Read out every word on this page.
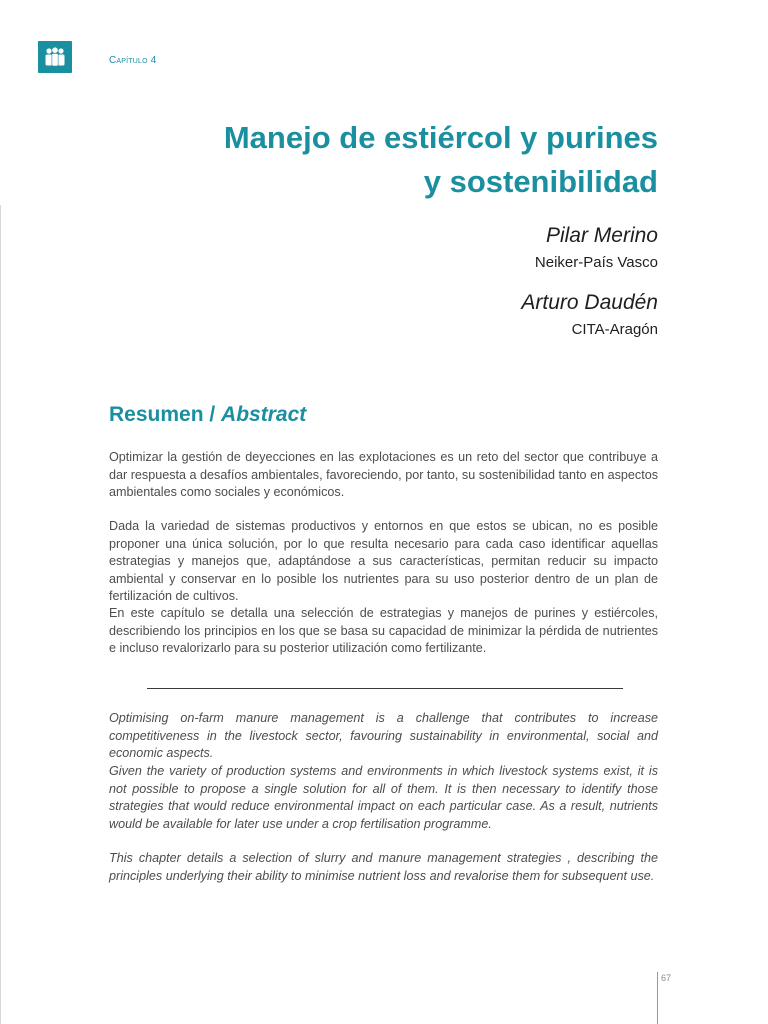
Capítulo 4
Manejo de estiércol y purines
y sostenibilidad
Pilar Merino
Neiker-País Vasco
Arturo Daudén
CITA-Aragón
Resumen / Abstract

Optimizar la gestión de deyecciones en las explotaciones es un reto del sector que contribuye a dar respuesta a desafíos ambientales, favoreciendo, por tanto, su sostenibilidad tanto en aspectos ambientales como sociales y económicos.

Dada la variedad de sistemas productivos y entornos en que estos se ubican, no es posible proponer una única solución, por lo que resulta necesario para cada caso identificar aquellas estrategias y manejos que, adaptándose a sus características, permitan reducir su impacto ambiental y conservar en lo posible los nutrientes para su uso posterior dentro de un plan de fertilización de cultivos.

En este capítulo se detalla una selección de estrategias y manejos de purines y estiércoles, describiendo los principios en los que se basa su capacidad de minimizar la pérdida de nutrientes e incluso revalorizarlo para su posterior utilización como fertilizante.

Optimising on-farm manure management is a challenge that contributes to increase competitiveness in the livestock sector, favouring sustainability in environmental, social and economic aspects.

Given the variety of production systems and environments in which livestock systems exist, it is not possible to propose a single solution for all of them. It is then necessary to identify those strategies that would reduce environmental impact on each particular case. As a result, nutrients would be available for later use under a crop fertilisation programme.

This chapter details a selection of slurry and manure management strategies , describing the principles underlying their ability to minimise nutrient loss and revalorise them for subsequent use.

67
